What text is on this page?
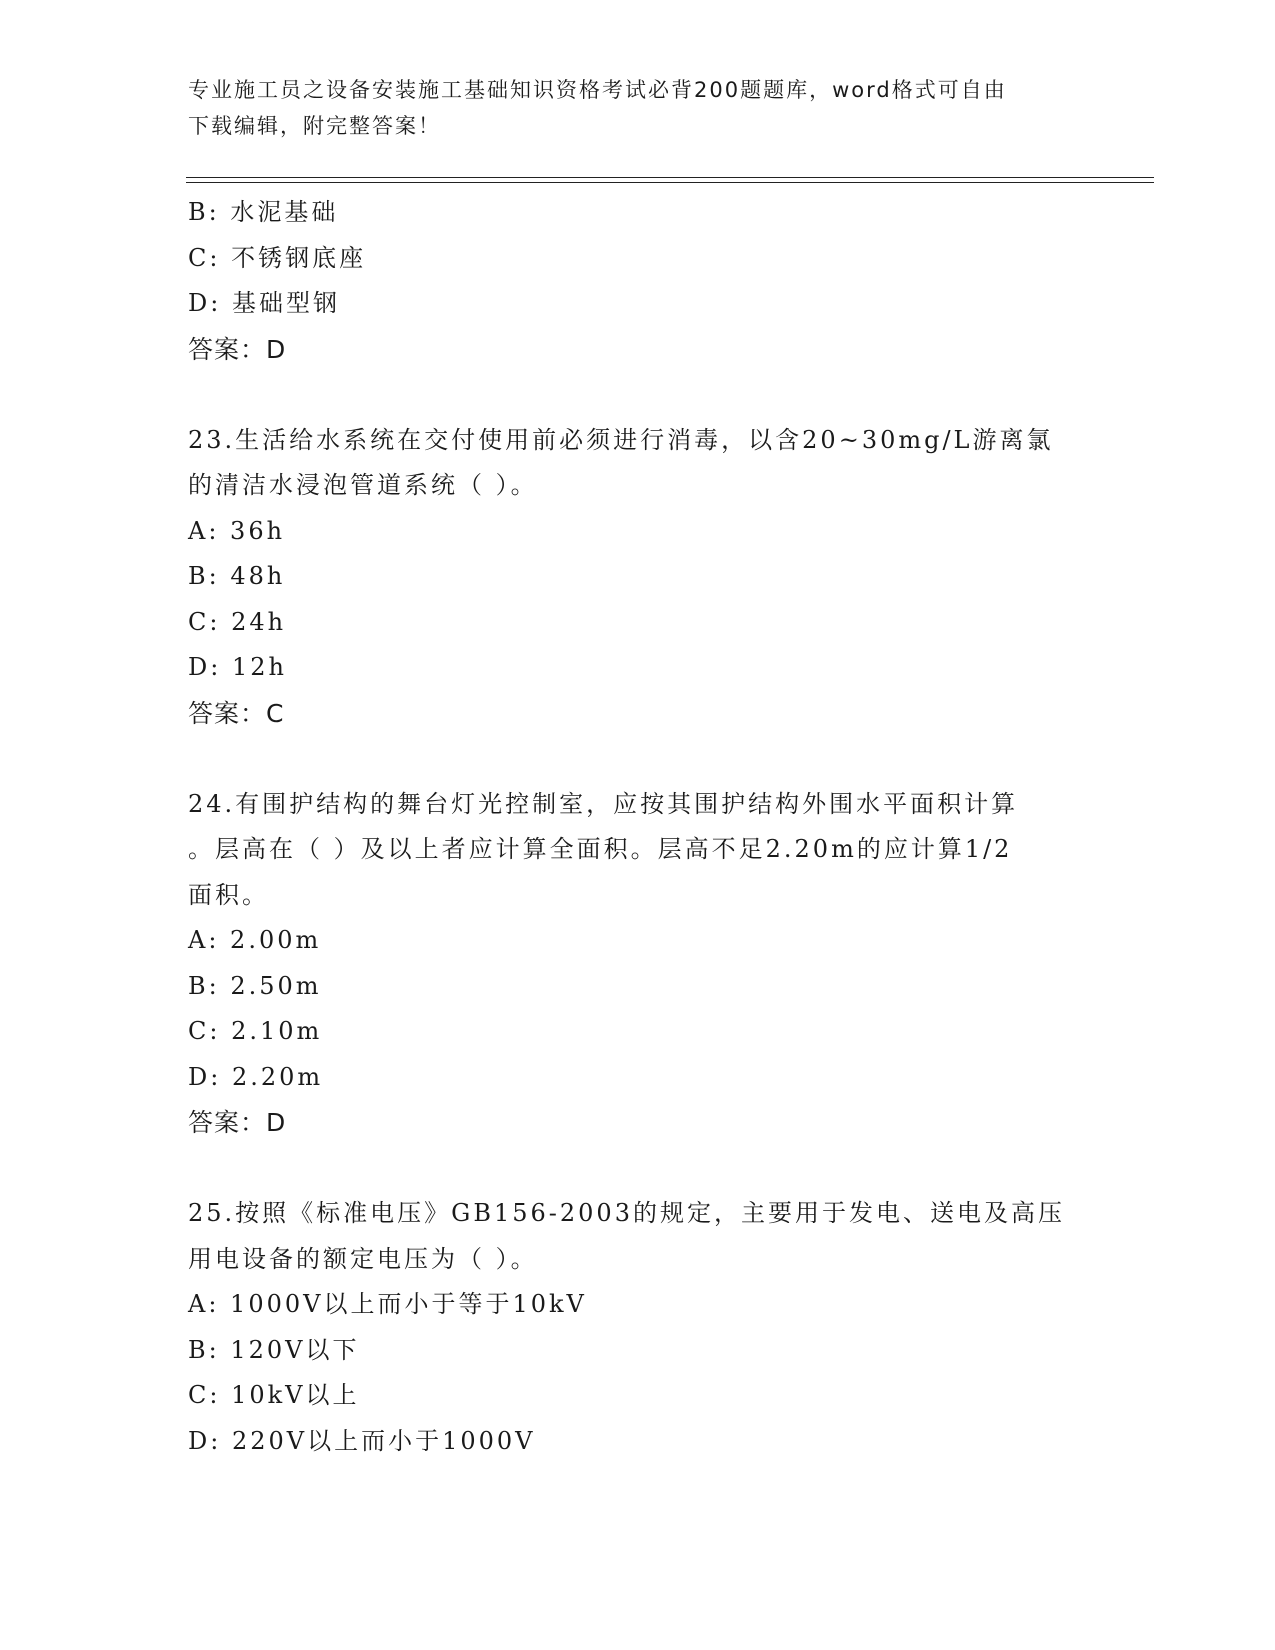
专业施工员之设备安装施工基础知识资格考试必背200题题库，word格式可自由
下载编辑，附完整答案！
B: 水泥基础
C: 不锈钢底座
D: 基础型钢
答案：D
23.生活给水系统在交付使用前必须进行消毒，以含20~30mg/L游离氯
的清洁水浸泡管道系统（ ）。
A: 36h
B: 48h
C: 24h
D: 12h
答案：C
24.有围护结构的舞台灯光控制室，应按其围护结构外围水平面积计算
。层高在（ ）及以上者应计算全面积。层高不足2.20m的应计算1/2
面积。
A: 2.00m
B: 2.50m
C: 2.10m
D: 2.20m
答案：D
25.按照《标准电压》GB156-2003的规定，主要用于发电、送电及高压
用电设备的额定电压为（ ）。
A: 1000V以上而小于等于10kV
B: 120V以下
C: 10kV以上
D: 220V以上而小于1000V
